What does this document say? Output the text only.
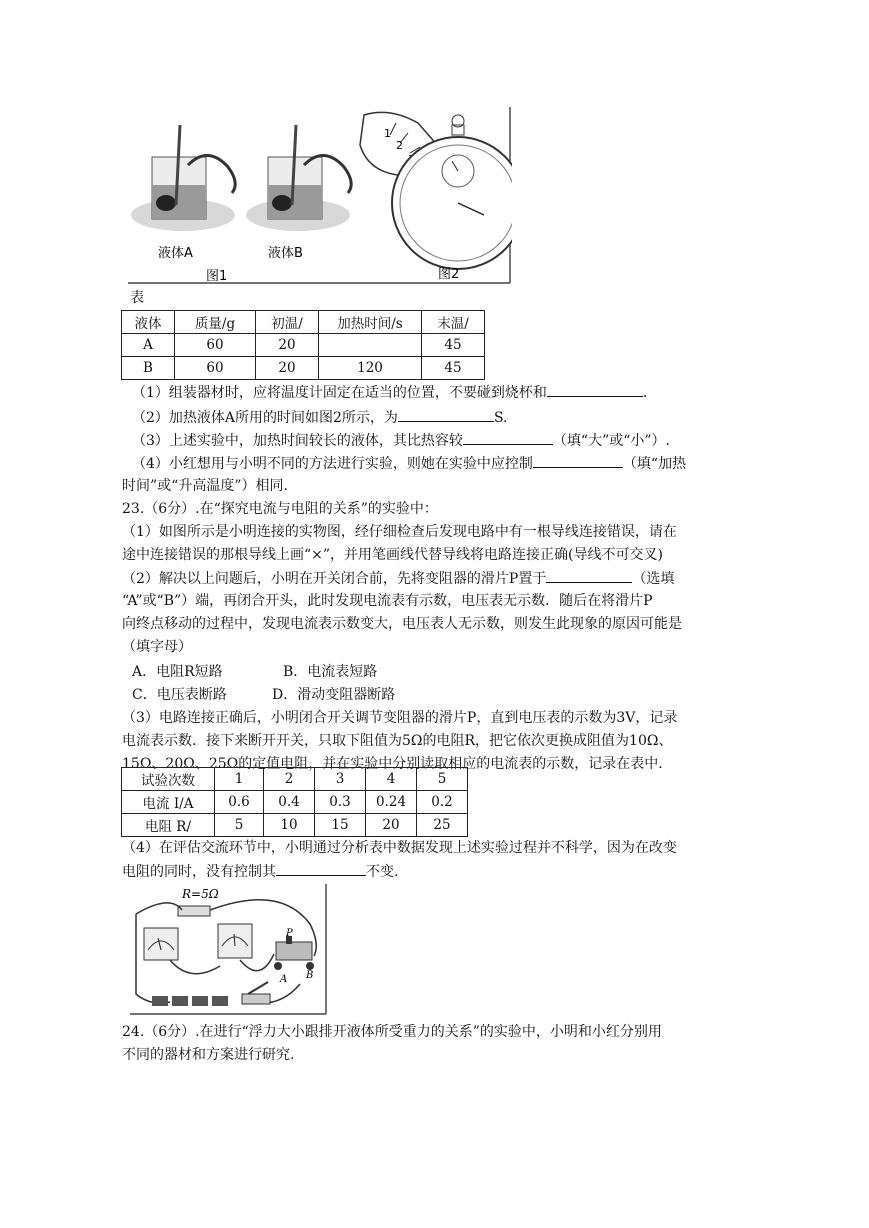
1
2
液体A	液体B
图1	图2
表
液体	质量/g	初温/	加热时间/s	末温/
A	60	20		45
B	60	20	120	45
（1）组装器材时，应将温度计固定在适当的位置，不要碰到烧杯和	.
（2）加热液体A所用的时间如图2所示，为	S.
（3）上述实验中，加热时间较长的液体，其比热容较	（填“大”或“小”）.
（4）小红想用与小明不同的方法进行实验，则她在实验中应控制	（填“加热
时间”或“升高温度”）相同.
23.（6分）.在“探究电流与电阻的关系”的实验中：
（1）如图所示是小明连接的实物图，经仔细检查后发现电路中有一根导线连接错误，请在
途中连接错误的那根导线上画“×”，并用笔画线代替导线将电路连接正确(导线不可交叉)
（2）解决以上问题后，小明在开关闭合前，先将变阻器的滑片P置于	（选填
“A”或“B”）端，再闭合开头，此时发现电流表有示数，电压表无示数．随后在将滑片P
向终点移动的过程中，发现电流表示数变大，电压表人无示数，则发生此现象的原因可能是
（填字母）
A．电阻R短路	B．电流表短路
C．电压表断路	D．滑动变阻器断路
（3）电路连接正确后，小明闭合开关调节变阻器的滑片P，直到电压表的示数为3V，记录
电流表示数．接下来断开开关，只取下阻值为5Ω的电阻R，把它依次更换成阻值为10Ω、
15Ω、20Ω、25Ω的定值电阻，并在实验中分别读取相应的电流表的示数，记录在表中．
试验次数	1	2	3	4	5
电流 I/A	0.6	0.4	0.3	0.24	0.2
电阻 R/	5	10	15	20	25
（4）在评估交流环节中，小明通过分析表中数据发现上述实验过程并不科学，因为在改变
电阻的同时，没有控制其	不变.
R=5Ω
P
A B
24.（6分）.在进行“浮力大小跟排开液体所受重力的关系”的实验中，小明和小红分别用
不同的器材和方案进行研究.
